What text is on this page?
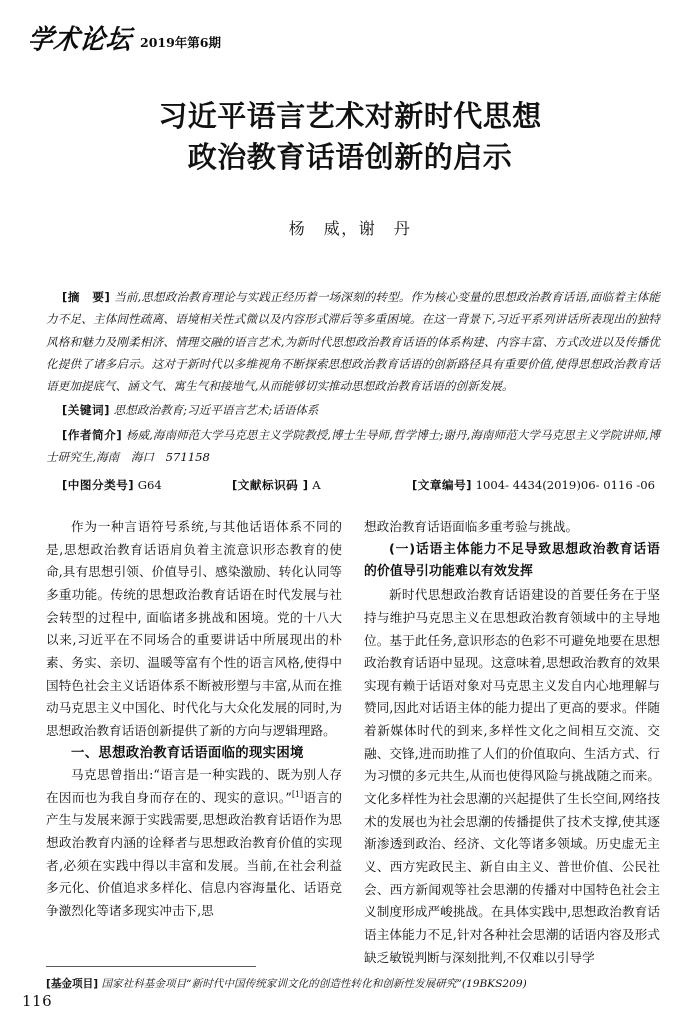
学术论坛 2019年第6期
习近平语言艺术对新时代思想
政治教育话语创新的启示
杨　威，谢　丹

[摘　要] 当前,思想政治教育理论与实践正经历着一场深刻的转型。作为核心变量的思想政治教育话语,面临着主体能力不足、主体间性疏离、语境相关性式微以及内容形式滞后等多重困境。在这一背景下,习近平系列讲话所表现出的独特风格和魅力及刚柔相济、情理交融的语言艺术,为新时代思想政治教育话语的体系构建、内容丰富、方式改进以及传播优化提供了诸多启示。这对于新时代以多维视角不断探索思想政治教育话语的创新路径具有重要价值,使得思想政治教育话语更加提底气、涵文气、寓生气和接地气,从而能够切实推动思想政治教育话语的创新发展。

[关键词] 思想政治教育;习近平语言艺术;话语体系

[作者简介] 杨威,海南师范大学马克思主义学院教授,博士生导师,哲学博士;谢丹,海南师范大学马克思主义学院讲师,博士研究生,海南　海口　571158

[中图分类号] G64	[文献标识码 ] A	[文章编号] 1004- 4434(2019)06- 0116 -06

作为一种言语符号系统,与其他话语体系不同的是,思想政治教育话语肩负着主流意识形态教育的使命,具有思想引领、价值导引、感染激励、转化认同等多重功能。传统的思想政治教育话语在时代发展与社会转型的过程中, 面临诸多挑战和困境。党的十八大以来,习近平在不同场合的重要讲话中所展现出的朴素、务实、亲切、温暖等富有个性的语言风格,使得中国特色社会主义话语体系不断被形塑与丰富,从而在推动马克思主义中国化、时代化与大众化发展的同时,为思想政治教育话语创新提供了新的方向与逻辑理路。

一、思想政治教育话语面临的现实困境

马克思曾指出:“语言是一种实践的、既为别人存在因而也为我自身而存在的、现实的意识。”[1]语言的产生与发展来源于实践需要,思想政治教育话语作为思想政治教育内涵的诠释者与思想政治教育价值的实现者,必须在实践中得以丰富和发展。当前,在社会利益多元化、价值追求多样化、信息内容海量化、话语竞争激烈化等诸多现实冲击下,思

想政治教育话语面临多重考验与挑战。

(一)话语主体能力不足导致思想政治教育话语的价值导引功能难以有效发挥

新时代思想政治教育话语建设的首要任务在于坚持与维护马克思主义在思想政治教育领域中的主导地位。基于此任务,意识形态的色彩不可避免地要在思想政治教育话语中显现。这意味着,思想政治教育的效果实现有赖于话语对象对马克思主义发自内心地理解与赞同,因此对话语主体的能力提出了更高的要求。伴随着新媒体时代的到来,多样性文化之间相互交流、交融、交锋,进而助推了人们的价值取向、生活方式、行为习惯的多元共生,从而也使得风险与挑战随之而来。文化多样性为社会思潮的兴起提供了生长空间,网络技术的发展也为社会思潮的传播提供了技术支撑,使其逐渐渗透到政治、经济、文化等诸多领域。历史虚无主义、西方宪政民主、新自由主义、普世价值、公民社会、西方新闻观等社会思潮的传播对中国特色社会主义制度形成严峻挑战。在具体实践中,思想政治教育话语主体能力不足,针对各种社会思潮的话语内容及形式缺乏敏锐判断与深刻批判,不仅难以引导学

[基金项目] 国家社科基金项目“新时代中国传统家训文化的创造性转化和创新性发展研究”(19BKS209)
116
